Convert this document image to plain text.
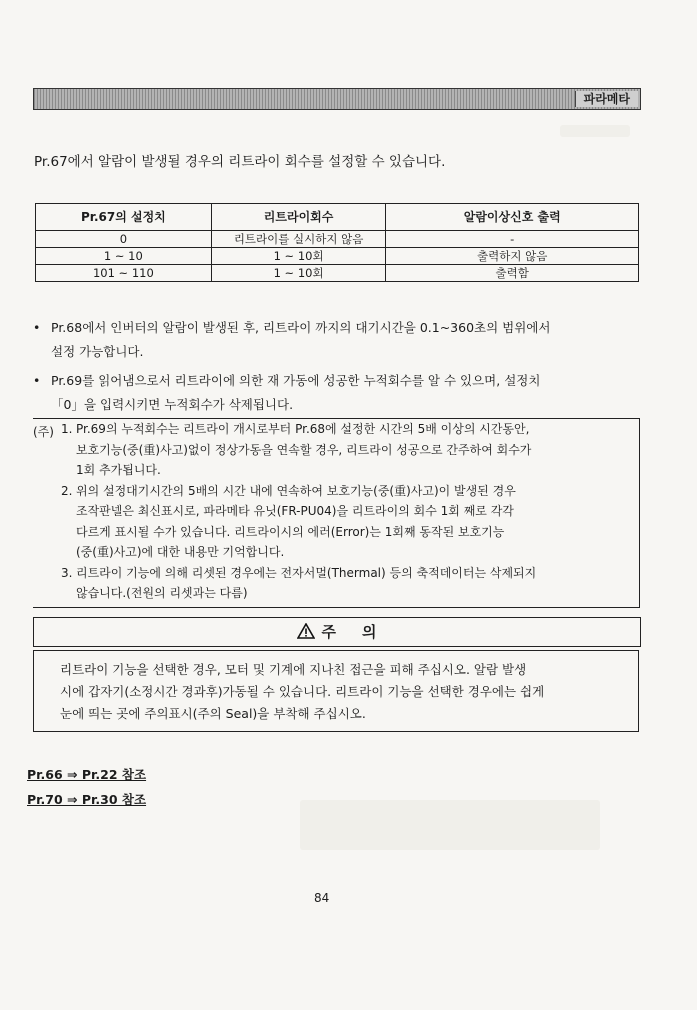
파라메타
Pr.67에서 알람이 발생될 경우의 리트라이 회수를 설정할 수 있습니다.
Pr.67의 설정치	리트라이회수	알람이상신호 출력
0	리트라이를 실시하지 않음	-
1 ~ 10	1 ~ 10회	출력하지 않음
101 ~ 110	1 ~ 10회	출력함
• Pr.68에서 인버터의 알람이 발생된 후, 리트라이 까지의 대기시간을 0.1~360초의 범위에서
설정 가능합니다.
• Pr.69를 읽어냄으로서 리트라이에 의한 재 가동에 성공한 누적회수를 알 수 있으며, 설정치
「0」을 입력시키면 누적회수가 삭제됩니다.
(주) 1. Pr.69의 누적회수는 리트라이 개시로부터 Pr.68에 설정한 시간의 5배 이상의 시간동안,
보호기능(중(重)사고)없이 정상가동을 연속할 경우, 리트라이 성공으로 간주하여 회수가
1회 추가됩니다.
2. 위의 설정대기시간의 5배의 시간 내에 연속하여 보호기능(중(重)사고)이 발생된 경우
조작판넬은 최신표시로, 파라메타 유닛(FR-PU04)을 리트라이의 회수 1회 째로 각각
다르게 표시될 수가 있습니다. 리트라이시의 에러(Error)는 1회째 동작된 보호기능
(중(重)사고)에 대한 내용만 기억합니다.
3. 리트라이 기능에 의해 리셋된 경우에는 전자서멀(Thermal) 등의 축적데이터는 삭제되지
않습니다.(전원의 리셋과는 다름)
주     의
리트라이 기능을 선택한 경우, 모터 및 기계에 지나친 접근을 피해 주십시오. 알람 발생
시에 갑자기(소정시간 경과후)가동될 수 있습니다. 리트라이 기능을 선택한 경우에는 쉽게
눈에 띄는 곳에 주의표시(주의 Seal)을 부착해 주십시오.
Pr.66 ⇒ Pr.22 참조
Pr.70 ⇒ Pr.30 참조
84
